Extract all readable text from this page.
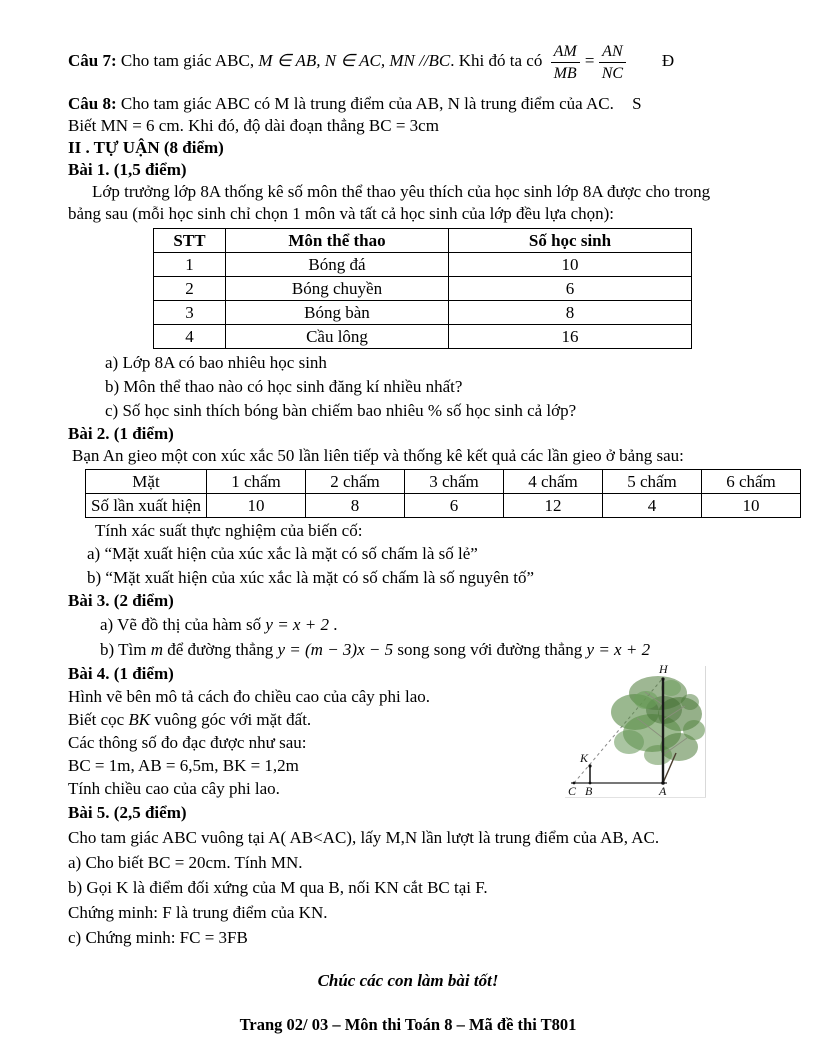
Câu 7: Cho tam giác ABC, M ∈ AB, N ∈ AC, MN //BC. Khi đó ta có $\frac{AM}{MB} = \frac{AN}{NC}$ Đ
Câu 8: Cho tam giác ABC có M là trung điểm của AB, N là trung điểm của AC. S
Biết MN = 6 cm. Khi đó, độ dài đoạn thẳng BC = 3cm
II . TỰ UẬN (8 điểm)
Bài 1. (1,5 điểm)
Lớp trưởng lớp 8A thống kê số môn thể thao yêu thích của học sinh lớp 8A được cho trong
bảng sau (mỗi học sinh chỉ chọn 1 môn và tất cả học sinh của lớp đều lựa chọn):
STT	Môn thể thao	Số học sinh
1	Bóng đá	10
2	Bóng chuyền	6
3	Bóng bàn	8
4	Cầu lông	16
a) Lớp 8A có bao nhiêu học sinh
b) Môn thể thao nào có học sinh đăng kí nhiều nhất?
c) Số học sinh thích bóng bàn chiếm bao nhiêu % số học sinh cả lớp?
Bài 2. (1 điểm)
Bạn An gieo một con xúc xắc 50 lần liên tiếp và thống kê kết quả các lần gieo ở bảng sau:
Mặt	1 chấm	2 chấm	3 chấm	4 chấm	5 chấm	6 chấm
Số lần xuất hiện	10	8	6	12	4	10
Tính xác suất thực nghiệm của biến cố:
a) “Mặt xuất hiện của xúc xắc là mặt có số chấm là số lẻ”
b) “Mặt xuất hiện của xúc xắc là mặt có số chấm là số nguyên tố”
Bài 3. (2 điểm)
a) Vẽ đồ thị của hàm số y = x + 2 .
b) Tìm m để đường thẳng y = (m − 3)x − 5 song song với đường thẳng y = x + 2
Bài 4. (1 điểm)
Hình vẽ bên mô tả cách đo chiều cao của cây phi lao.
Biết cọc BK vuông góc với mặt đất.
Các thông số đo đạc được như sau:
BC = 1m, AB = 6,5m, BK = 1,2m
Tính chiều cao của cây phi lao.
H
K
C B	A
Bài 5. (2,5 điểm)
Cho tam giác ABC vuông tại A( AB<AC), lấy M,N lần lượt là trung điểm của AB, AC.
a) Cho biết BC = 20cm. Tính MN.
b) Gọi K là điểm đối xứng của M qua B, nối KN cắt BC tại F.
Chứng minh: F là trung điểm của KN.
c) Chứng minh: FC = 3FB
Chúc các con làm bài tốt!
Trang 02/ 03 – Môn thi Toán 8 – Mã đề thi T801
